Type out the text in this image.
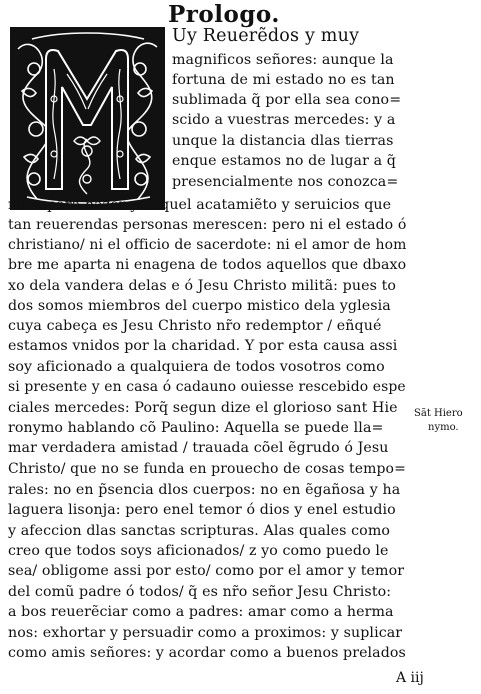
Prologo.
Uy Reuerẽdos y muy
magnificos señores: aunque la
fortuna de mi estado no es tan
sublimada q̃ por ella sea cono=
scido a vuestras mercedes: y a
unque la distancia dlas tierras
enque estamos no de lugar a q̃
presencialmente nos conozca=
mos: para hazer yo aquel acatamiẽto y seruicios que
tan reuerendas personas merescen: pero ni el estado ó
christiano/ ni el officio de sacerdote: ni el amor de hom
bre me aparta ni enagena de todos aquellos que dbaxo
xo dela vandera delas e ó Jesu Christo militã: pues to
dos somos miembros del cuerpo mistico dela yglesia
cuya cabeça es Jesu Christo nr̃o redemptor / eñqué
estamos vnidos por la charidad. Y por esta causa assi
soy aficionado a qualquiera de todos vosotros como
si presente y en casa ó cadauno ouiesse rescebido espe
ciales mercedes: Porq̃ segun dize el glorioso sant Hie
ronymo hablando cõ Paulino: Aquella se puede lla=
mar verdadera amistad / trauada cõel ẽgrudo ó Jesu
Christo/ que no se funda en prouecho de cosas tempo=
rales: no en p̃sencia dlos cuerpos: no en ẽgañosa y ha
laguera lisonja: pero enel temor ó dios y enel estudio
y afeccion dlas sanctas scripturas. Alas quales como
creo que todos soys aficionados/ z yo como puedo le
sea/ obligome assi por esto/ como por el amor y temor
del comũ padre ó todos/ q̃ es nr̃o señor Jesu Christo:
a bos reuerẽciar como a padres: amar como a herma
nos: exhortar y persuadir como a proximos: y suplicar
como amis señores: y acordar como a buenos prelados
Sãt Hiero
nymo.
A iij
